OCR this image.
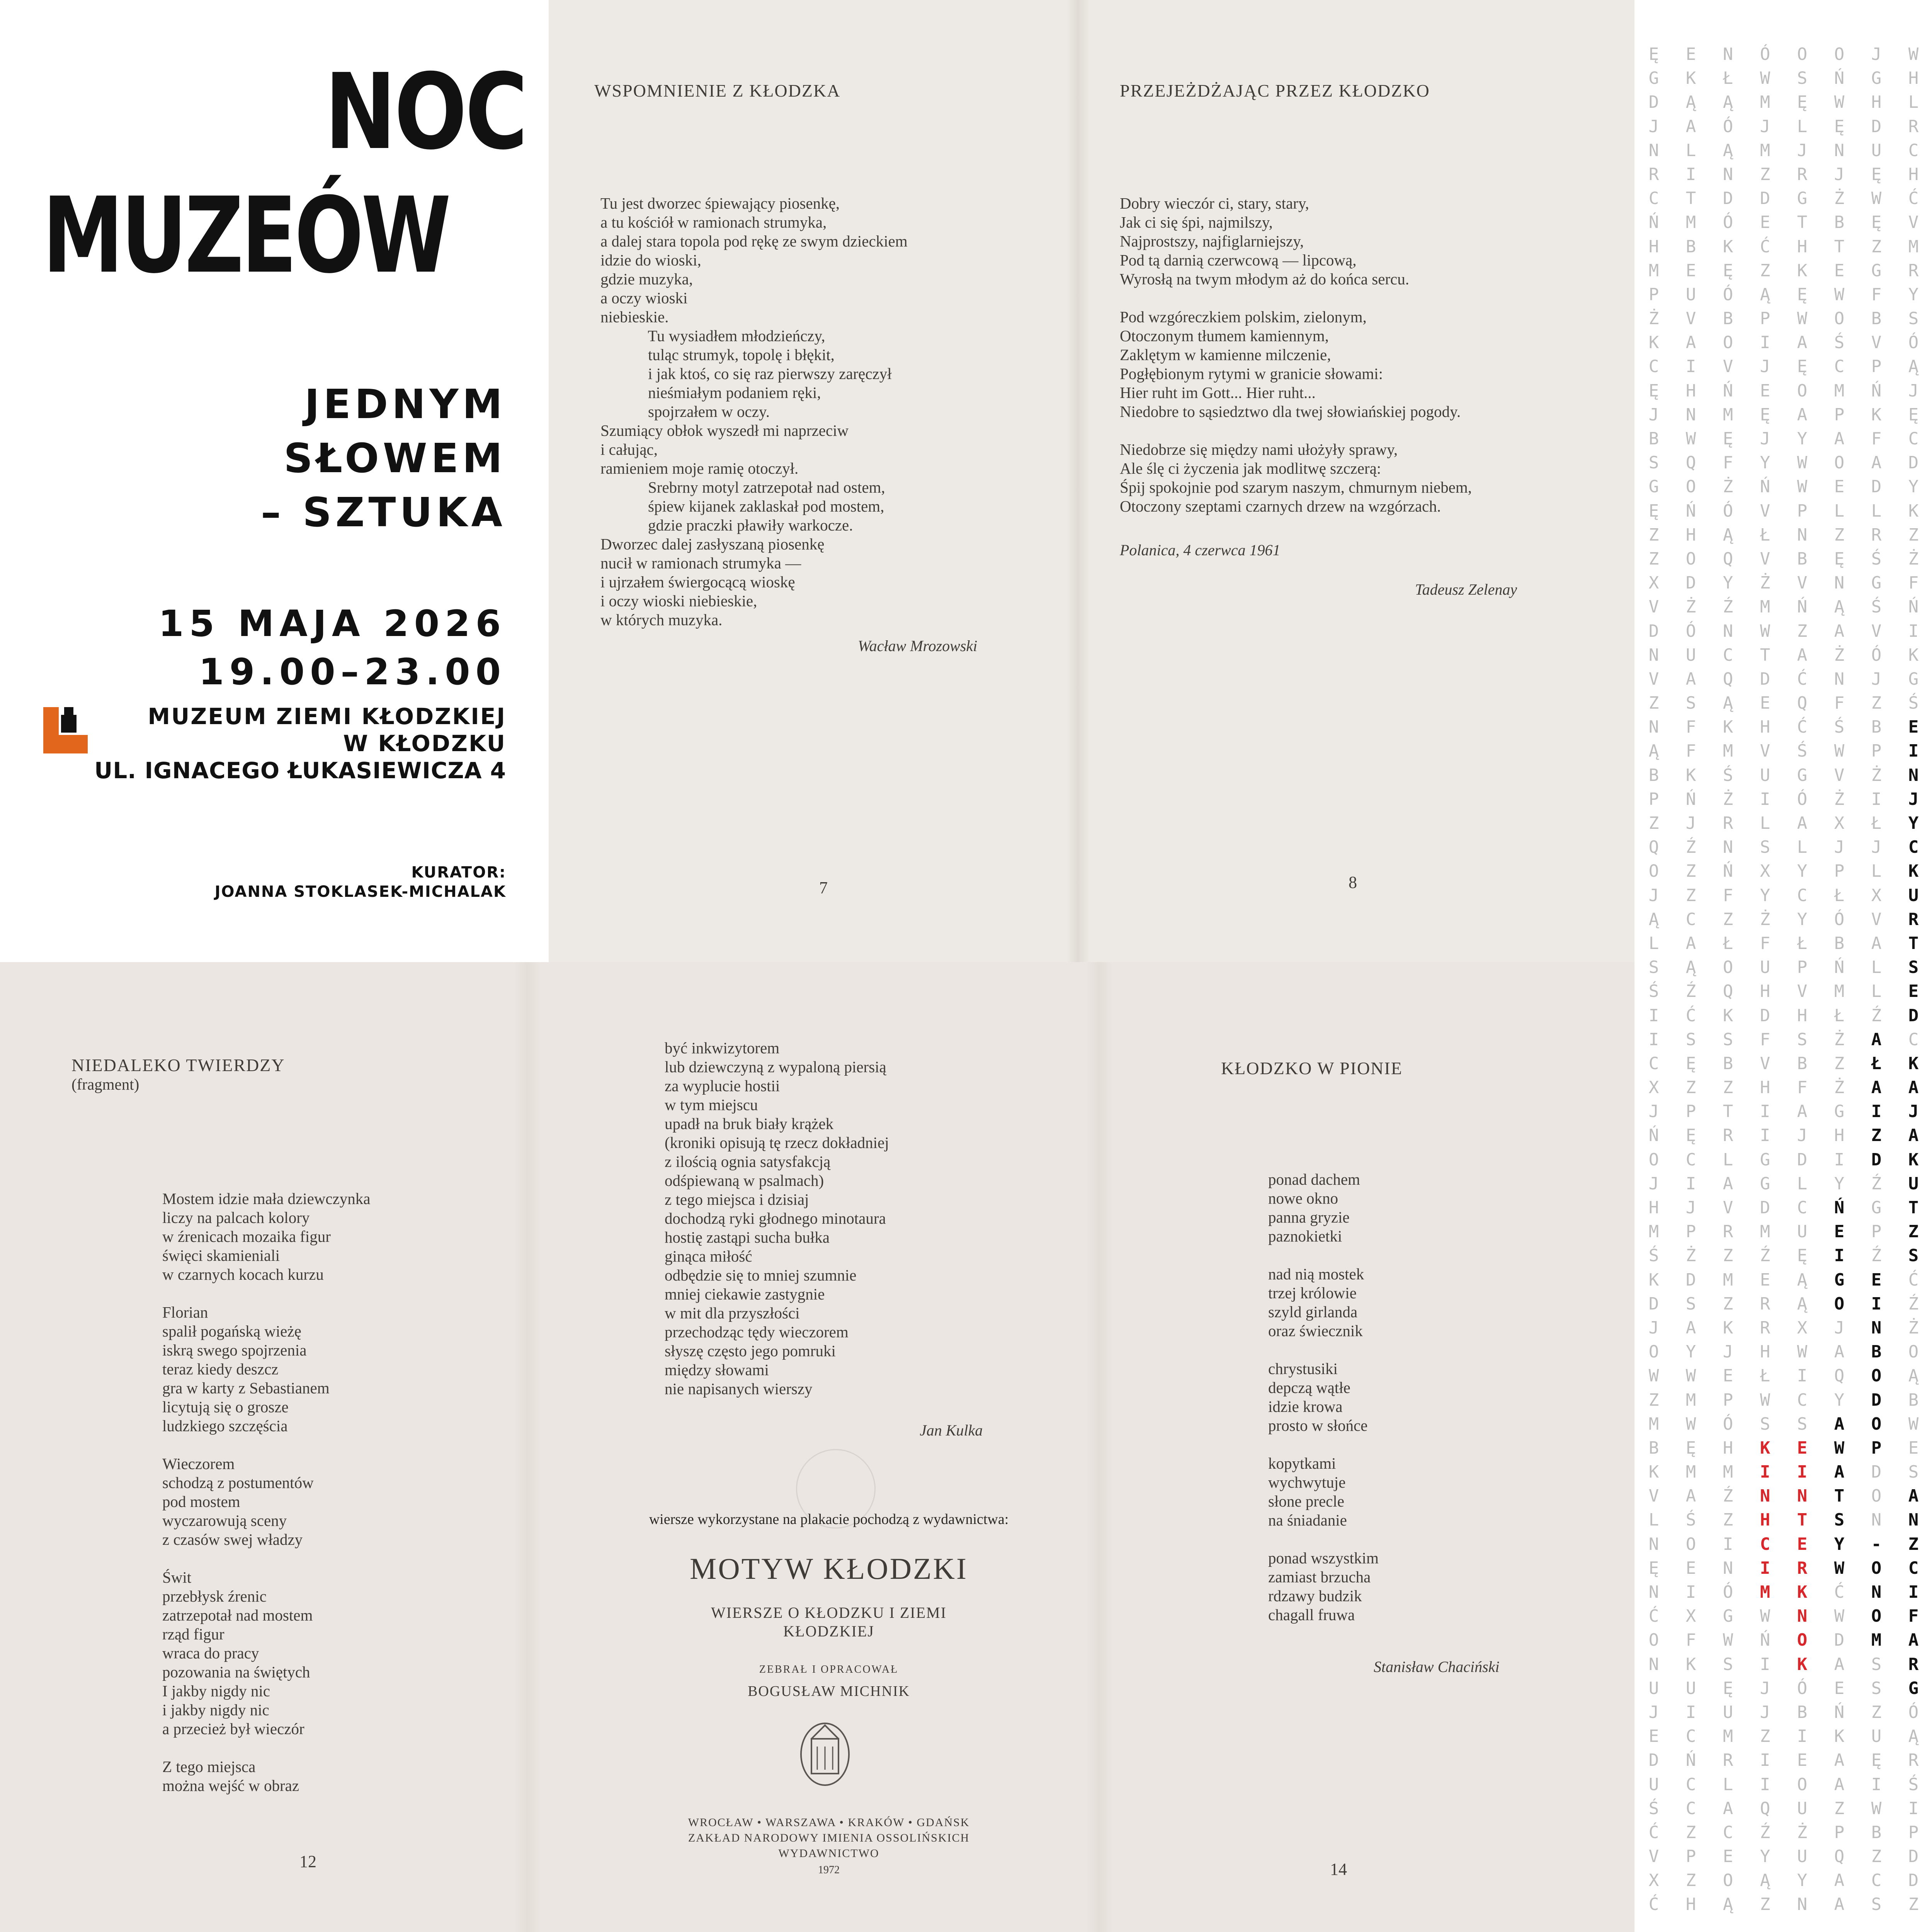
NOC
MUZEÓW
JEDNYM
SŁOWEM
– SZTUKA
15 MAJA 2026
19.00–23.00
MUZEUM ZIEMI KŁODZKIEJ
W KŁODZKU
UL. IGNACEGO ŁUKASIEWICZA 4
KURATOR:
JOANNA STOKLASEK-MICHALAK
WSPOMNIENIE Z KŁODZKA
Tu jest dworzec śpiewający piosenkę,
a tu kościół w ramionach strumyka,
a dalej stara topola pod rękę ze swym dzieckiem
idzie do wioski,
gdzie muzyka,
a oczy wioski
niebieskie.
Tu wysiadłem młodzieńczy,
tuląc strumyk, topolę i błękit,
i jak ktoś, co się raz pierwszy zaręczył
nieśmiałym podaniem ręki,
spojrzałem w oczy.
Szumiący obłok wyszedł mi naprzeciw
i całując,
ramieniem moje ramię otoczył.
Srebrny motyl zatrzepotał nad ostem,
śpiew kijanek zaklaskał pod mostem,
gdzie praczki pławiły warkocze.
Dworzec dalej zasłyszaną piosenkę
nucił w ramionach strumyka —
i ujrzałem świergocącą wioskę
i oczy wioski niebieskie,
w których muzyka.
Wacław Mrozowski
7
PRZEJEŻDŻAJĄC PRZEZ KŁODZKO
Dobry wieczór ci, stary, stary,
Jak ci się śpi, najmilszy,
Najprostszy, najfiglarniejszy,
Pod tą darnią czerwcową — lipcową,
Wyrosłą na twym młodym aż do końca sercu.

Pod wzgóreczkiem polskim, zielonym,
Otoczonym tłumem kamiennym,
Zaklętym w kamienne milczenie,
Pogłębionym rytymi w granicie słowami:
Hier ruht im Gott... Hier ruht...
Niedobre to sąsiedztwo dla twej słowiańskiej pogody.

Niedobrze się między nami ułożyły sprawy,
Ale ślę ci życzenia jak modlitwę szczerą:
Śpij spokojnie pod szarym naszym, chmurnym niebem,
Otoczony szeptami czarnych drzew na wzgórzach.
Polanica, 4 czerwca 1961
Tadeusz Zelenay
8
NIEDALEKO TWIERDZY
(fragment)
Mostem idzie mała dziewczynka
liczy na palcach kolory
w źrenicach mozaika figur
święci skamieniali
w czarnych kocach kurzu

Florian
spalił pogańską wieżę
iskrą swego spojrzenia
teraz kiedy deszcz
gra w karty z Sebastianem
licytują się o grosze
ludzkiego szczęścia

Wieczorem
schodzą z postumentów
pod mostem
wyczarowują sceny
z czasów swej władzy

Świt
przebłysk źrenic
zatrzepotał nad mostem
rząd figur
wraca do pracy
pozowania na świętych
I jakby nigdy nic
i jakby nigdy nic
a przecież był wieczór

Z tego miejsca
można wejść w obraz
12
być inkwizytorem
lub dziewczyną z wypaloną piersią
za wyplucie hostii
w tym miejscu
upadł na bruk biały krążek
(kroniki opisują tę rzecz dokładniej
z ilością ognia satysfakcją
odśpiewaną w psalmach)
z tego miejsca i dzisiaj
dochodzą ryki głodnego minotaura
hostię zastąpi sucha bułka
ginąca miłość
odbędzie się to mniej szumnie
mniej ciekawie zastygnie
w mit dla przyszłości
przechodząc tędy wieczorem
słyszę często jego pomruki
między słowami
nie napisanych wierszy
Jan Kulka
wiersze wykorzystane na plakacie pochodzą z wydawnictwa:
MOTYW KŁODZKI
WIERSZE O KŁODZKU I ZIEMI KŁODZKIEJ
ZEBRAŁ I OPRACOWAŁ
BOGUSŁAW MICHNIK
WROCŁAW • WARSZAWA • KRAKÓW • GDAŃSK
ZAKŁAD NARODOWY IMIENIA OSSOLIŃSKICH
WYDAWNICTWO
1972
KŁODZKO W PIONIE
ponad dachem
nowe okno
panna gryzie
paznokietki

nad nią mostek
trzej królowie
szyld girlanda
oraz świecznik

chrystusiki
depczą wątłe
idzie krowa
prosto w słońce

kopytkami
wychwytuje
słone precle
na śniadanie

ponad wszystkim
zamiast brzucha
rdzawy budzik
chagall fruwa
Stanisław Chaciński
14
Ę
G
D
J
N
R
C
Ń
H
M
P
Ż
K
C
Ę
J
B
S
G
Ę
Z
Z
X
V
D
N
V
Z
N
Ą
B
P
Z
Q
O
J
Ą
L
S
Ś
I
I
C
X
J
Ń
O
J
H
M
Ś
K
D
J
O
W
Z
M
B
K
V
L
N
Ę
N
Ć
O
N
U
J
E
D
U
Ś
Ć
V
X
Ć
E
K
Ą
A
L
I
T
M
B
E
U
V
A
I
H
N
W
Q
O
Ń
H
O
D
Ż
Ó
U
A
S
F
F
K
Ń
J
Ź
Z
Z
C
A
Ą
Ź
Ć
S
Ę
Z
P
Ę
C
I
J
P
Ż
D
S
A
Y
W
M
W
Ę
M
A
Ś
O
E
I
X
F
K
U
I
C
Ń
C
C
Z
P
Z
H
N
Ł
Ą
Ó
Ą
N
D
Ó
K
Ę
Ó
B
O
V
Ń
M
Ę
F
Ż
Ó
Ą
Q
Y
Ź
N
C
Q
Ą
K
M
Ś
Ż
R
N
Ń
F
Z
Ł
O
Q
K
S
B
Z
T
R
L
A
V
R
Z
M
Z
K
J
E
P
Ó
H
M
Ź
Z
I
N
Ó
G
W
S
Ę
U
M
R
L
A
C
E
O
Ą
Ó
W
M
J
M
Z
D
E
Ć
Z
Ą
P
I
J
E
Ę
J
Y
Ń
V
Ł
V
Ż
M
W
T
D
E
H
V
U
I
L
S
X
Y
Ż
F
U
H
D
F
V
H
I
I
G
G
D
M
Ź
E
R
R
H
Ł
W
S
K
I
N
H
C
I
M
W
Ń
I
J
J
Z
I
I
Q
Ź
Y
Ą
Z
O
S
Ę
L
J
R
G
T
H
K
Ę
W
A
Ę
O
A
Y
W
W
P
N
B
V
Ń
Z
A
Ć
Q
Ć
Ś
G
Ó
A
L
Y
C
Y
Ł
P
V
H
S
B
F
A
J
D
L
C
U
Ę
Ą
Ą
X
W
I
C
S
E
I
N
T
E
R
K
N
O
K
Ó
B
I
E
O
U
Ż
U
Y
N
O
Ń
W
Ę
N
J
Ż
B
T
E
W
O
Ś
C
M
P
A
O
E
L
Z
Ę
N
Ą
A
Ż
N
F
Ś
W
V
Ż
X
J
P
Ł
Ó
B
Ń
M
Ł
Ż
Z
Ż
G
H
I
Y
Ń
E
I
G
O
J
A
Q
Y
A
W
A
T
S
Y
W
Ć
W
D
A
E
Ń
K
A
A
Z
P
Q
A
A
J
G
H
D
U
Ę
W
Ę
Z
G
F
B
V
P
Ń
K
F
A
D
L
R
Ś
G
Ś
V
Ó
J
Z
B
P
Ż
I
Ł
J
L
X
V
A
L
L
Ź
A
Ł
A
I
Z
D
Ź
G
P
Ź
E
I
N
B
O
D
O
P
D
O
N
-
O
N
O
M
S
S
Z
U
Ę
I
W
B
Z
C
S
W
H
L
R
C
H
Ć
V
M
R
Y
S
Ó
Ą
J
Ę
C
D
Y
K
Z
Ż
F
Ń
I
K
G
Ś
E
I
N
J
Y
C
K
U
R
T
S
E
D
C
K
A
J
A
K
U
T
Z
S
Ć
Ź
Ż
O
Ą
B
W
E
S
A
N
Z
C
I
F
A
R
G
Ó
Ą
R
Ś
I
P
D
D
Z
